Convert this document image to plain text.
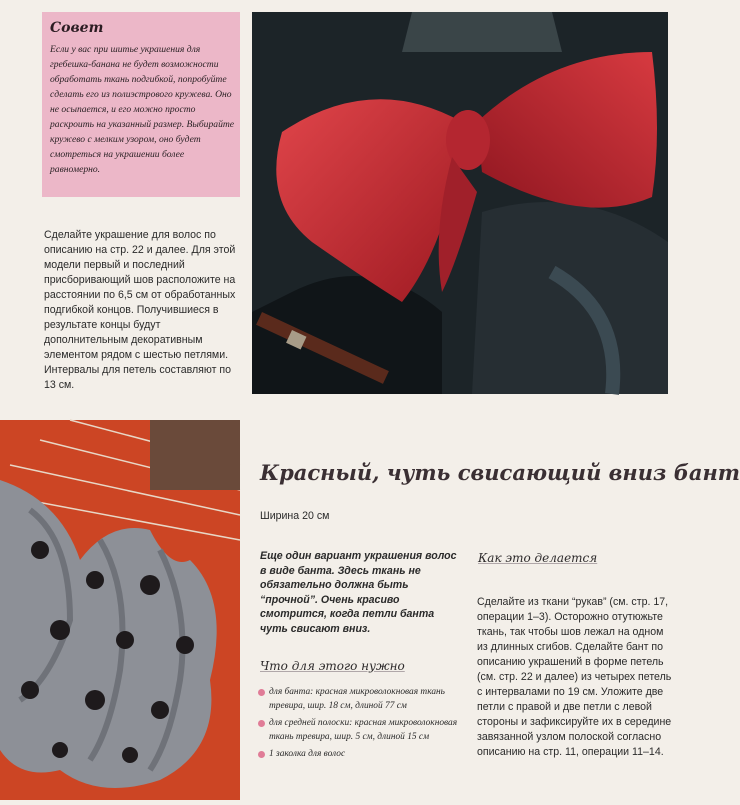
Совет
Если у вас при шитье украшения для гребешка-банана не будет возможности обработать ткань подгибкой, попробуйте сделать его из полиэстрового кружева. Оно не осыпается, и его можно просто раскроить на указанный размер. Выбирайте кружево с мелким узором, оно будет смотреться на украшении более равномерно.
Сделайте украшение для волос по описанию на стр. 22 и далее. Для этой модели первый и последний присборивающий шов расположите на расстоянии по 6,5 см от обработанных подгибкой концов. Получившиеся в результате концы будут дополнительным декоративным элементом рядом с шестью петлями. Интервалы для петель составляют по 13 см.
Красный, чуть свисающий вниз бант
Ширина 20 см
Еще один вариант украшения волос в виде банта. Здесь ткань не обязательно должна быть “прочной”. Очень красиво смотрится, когда петли банта чуть свисают вниз.
Что для этого нужно
для банта: красная микроволокновая ткань тревира, шир. 18 см, длиной 77 см
для средней полоски: красная микроволокновая ткань тревира, шир. 5 см, длиной 15 см
1 заколка для волос
Как это делается
Сделайте из ткани “рукав” (см. стр. 17, операции 1–3). Осторожно отутюжьте ткань, так чтобы шов лежал на одном из длинных сгибов. Сделайте бант по описанию украшений в форме петель (см. стр. 22 и далее) из четырех петель с интервалами по 19 см. Уложите две петли с правой и две петли с левой стороны и зафиксируйте их в середине завязанной узлом полоской согласно описанию на стр. 11, операции 11–14.
